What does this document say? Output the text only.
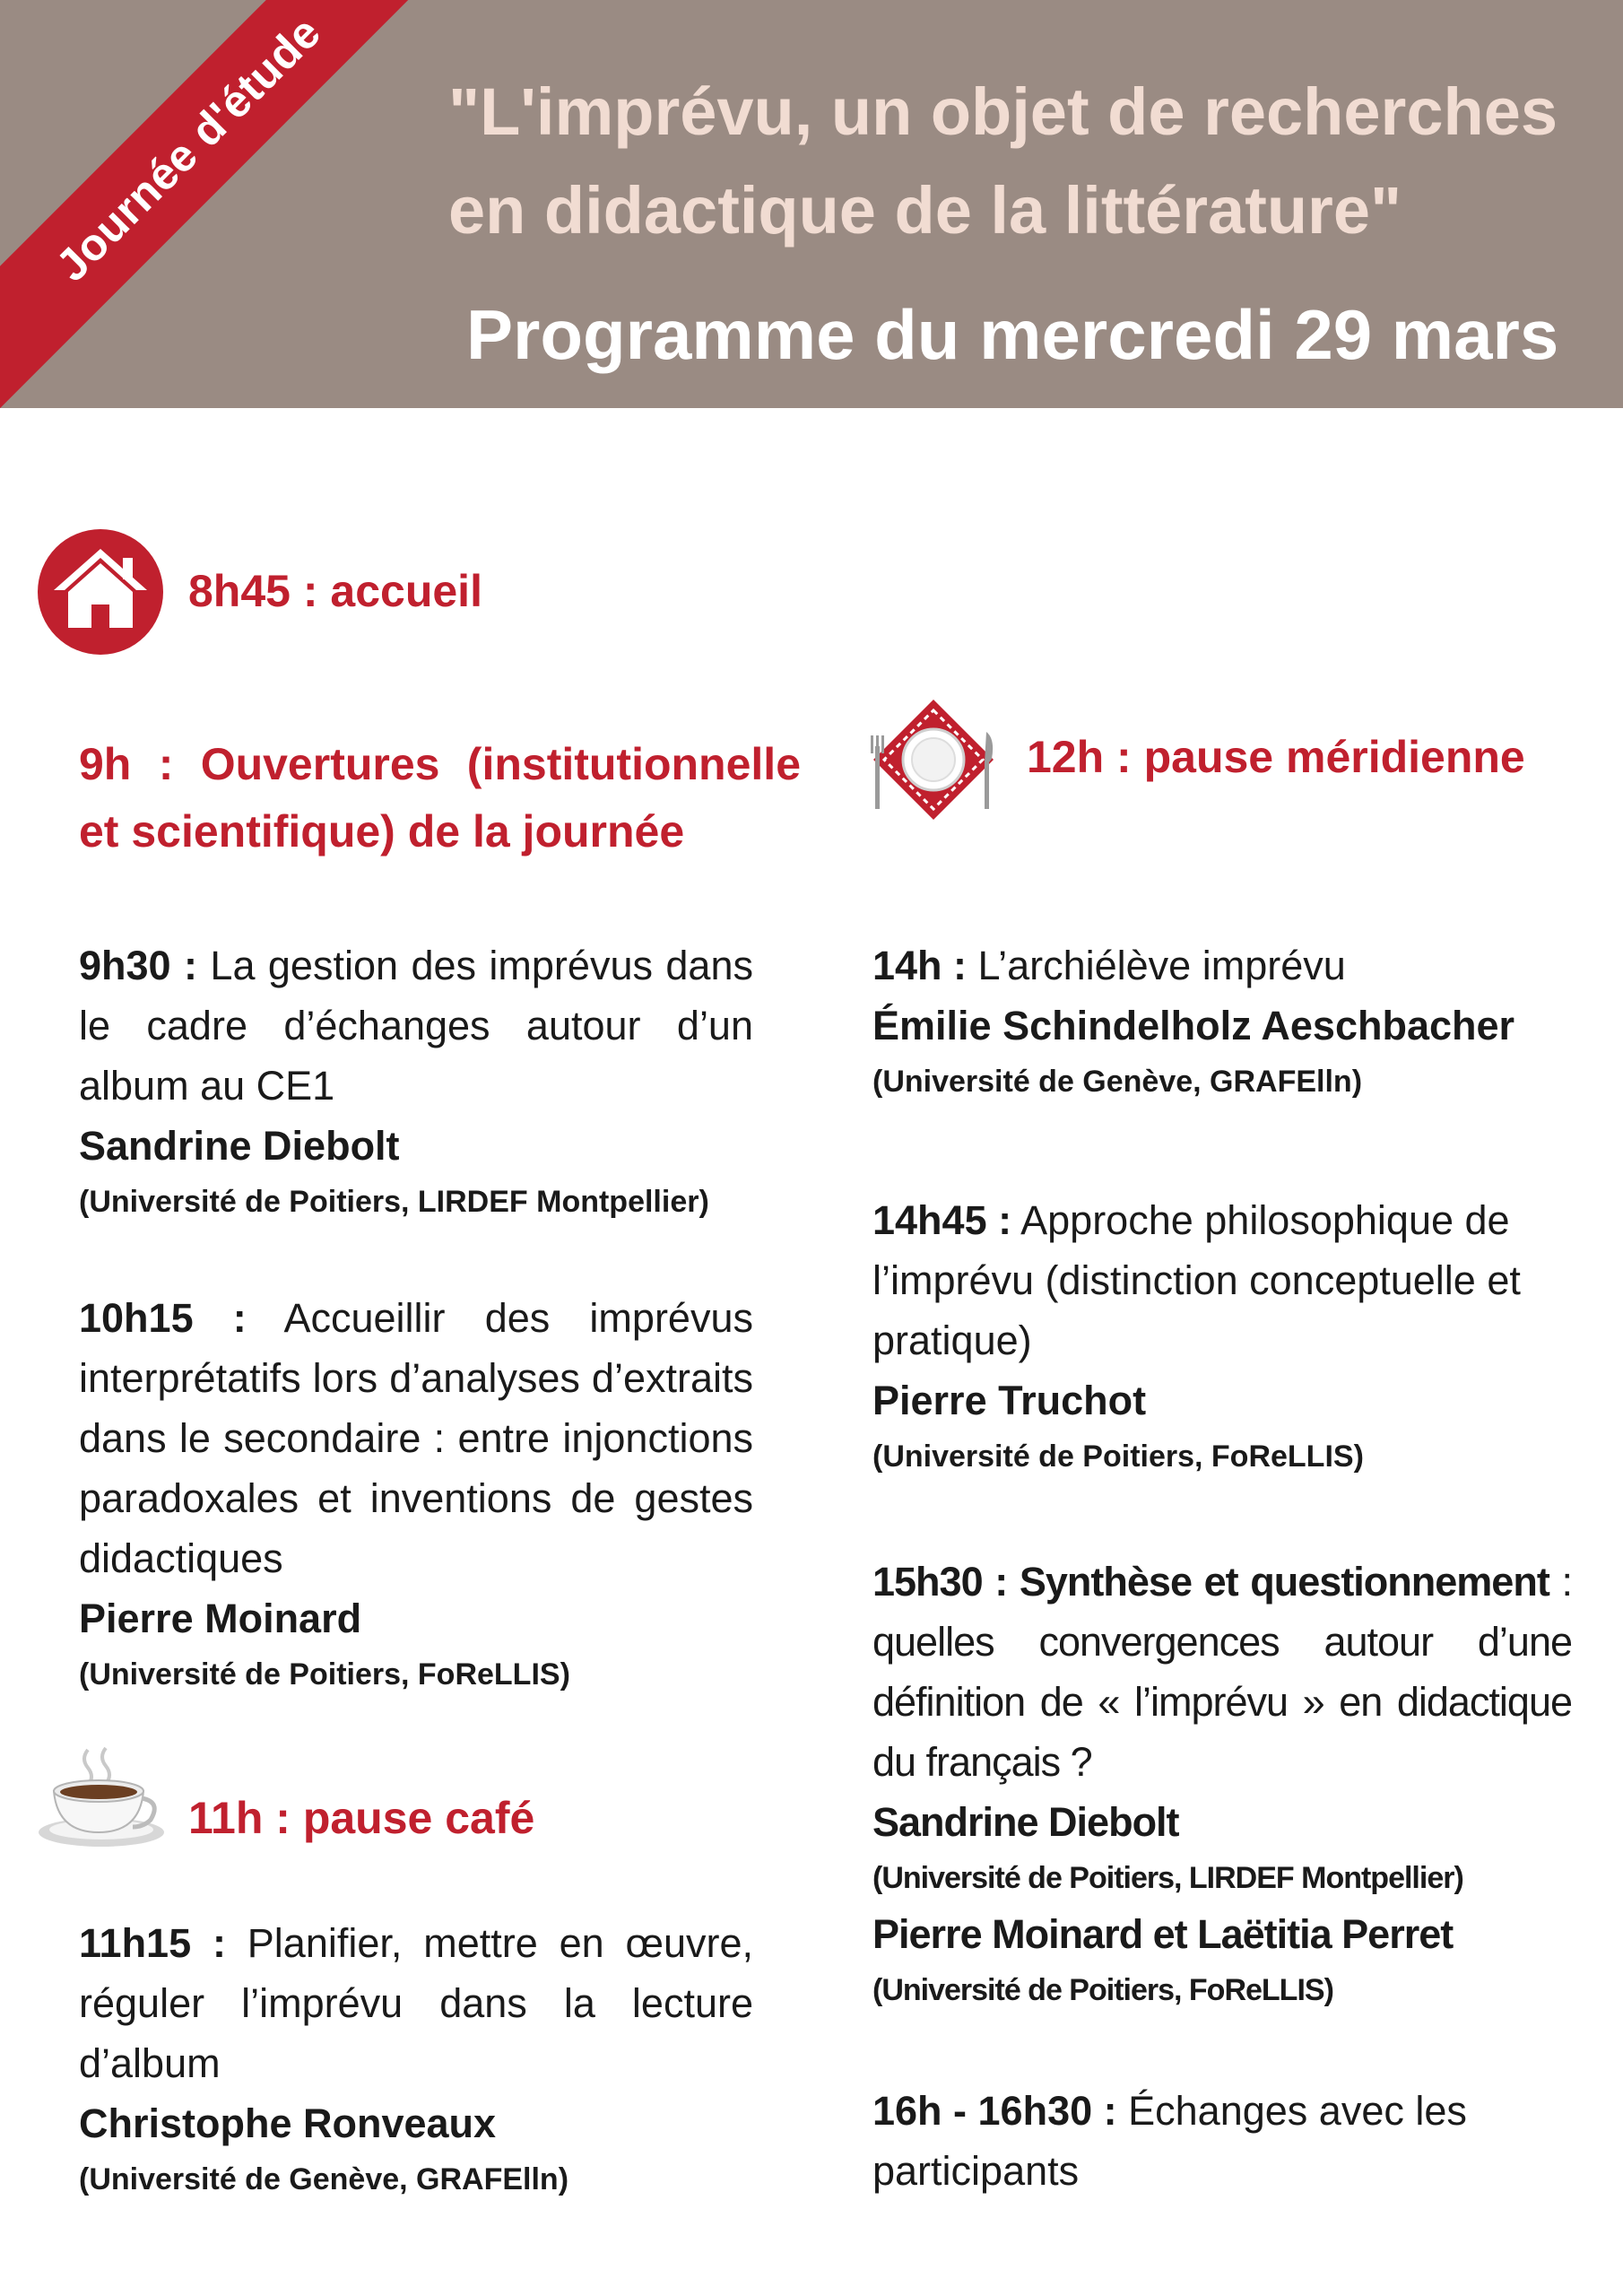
Journée d'étude "L'imprévu, un objet de recherches
en didactique de la littérature"
Programme du mercredi 29 mars
8h45 : accueil
9h : Ouvertures (institutionnelle
et scientifique) de la journée
9h30 : La gestion des imprévus dans le cadre d’échanges autour d’un album au CE1
Sandrine Diebolt
(Université de Poitiers, LIRDEF Montpellier)
10h15 : Accueillir des imprévus interprétatifs lors d’analyses d’extraits dans le secondaire : entre injonctions paradoxales et inventions de gestes didactiques
Pierre Moinard
(Université de Poitiers, FoReLLIS)
11h : pause café
11h15 : Planifier, mettre en œuvre, réguler l’imprévu dans la lecture d’album
Christophe Ronveaux
(Université de Genève, GRAFElln)
12h : pause méridienne
14h : L’archiélève imprévu
Émilie Schindelholz Aeschbacher
(Université de Genève, GRAFElln)
14h45 : Approche philosophique de l’imprévu (distinction conceptuelle et pratique)
Pierre Truchot
(Université de Poitiers, FoReLLIS)
15h30 : Synthèse et questionnement : quelles convergences autour d’une définition de « l’imprévu » en didactique du français ?
Sandrine Diebolt
(Université de Poitiers, LIRDEF Montpellier)
Pierre Moinard et Laëtitia Perret
(Université de Poitiers, FoReLLIS)
16h - 16h30 : Échanges avec les participants
